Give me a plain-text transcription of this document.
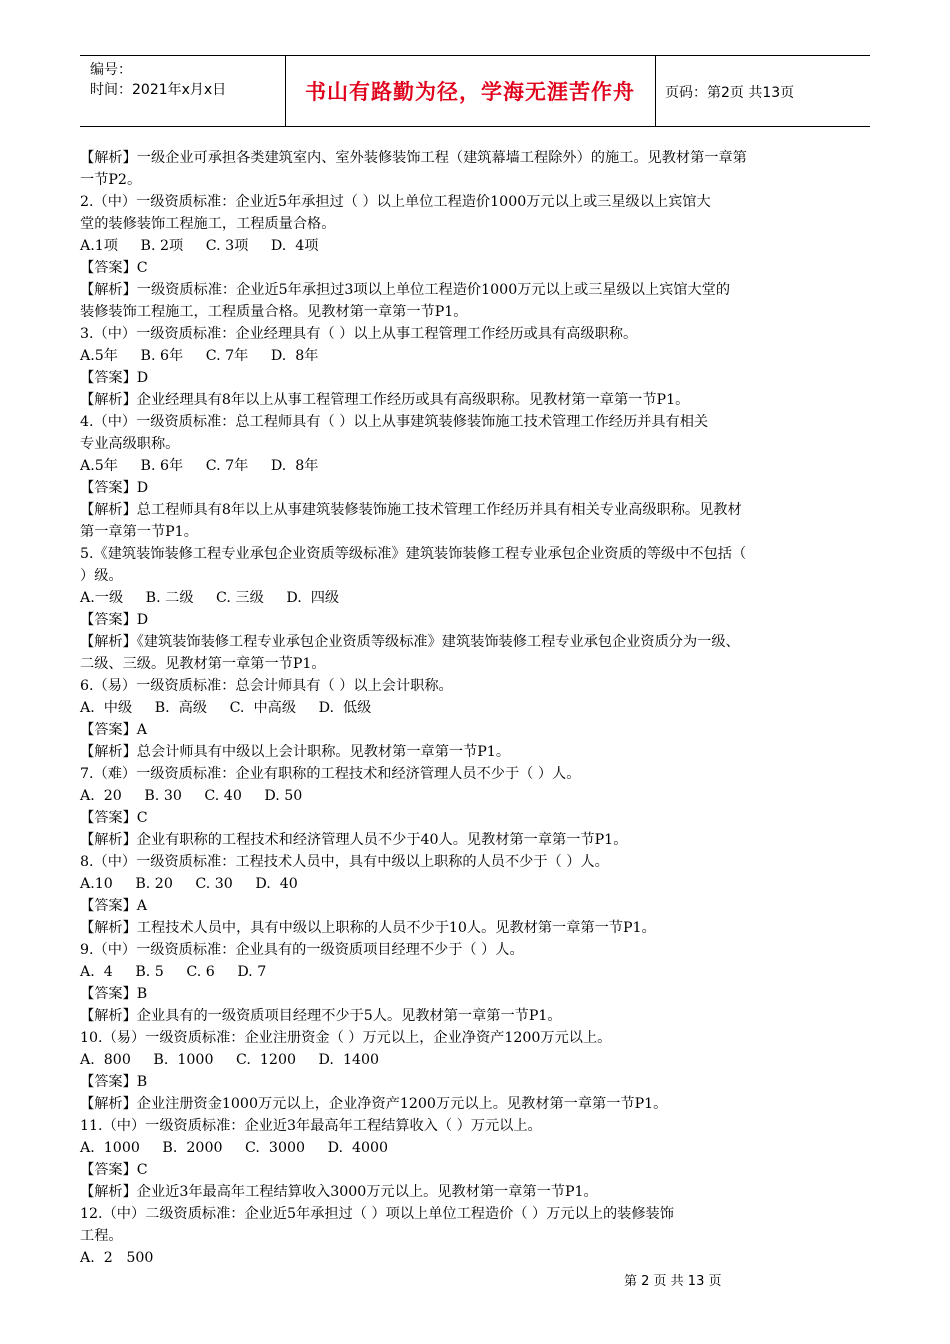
编号：
时间：2021年x月x日	书山有路勤为径，学海无涯苦作舟	页码：第2页 共13页
【解析】一级企业可承担各类建筑室内、室外装修装饰工程（建筑幕墙工程除外）的施工。见教材第一章第
一节P2。
2.（中）一级资质标准：企业近5年承担过（ ）以上单位工程造价1000万元以上或三星级以上宾馆大
堂的装修装饰工程施工，工程质量合格。
A.1项     B. 2项     C. 3项     D.  4项
【答案】C
【解析】一级资质标准：企业近5年承担过3项以上单位工程造价1000万元以上或三星级以上宾馆大堂的
装修装饰工程施工，工程质量合格。见教材第一章第一节P1。
3.（中）一级资质标准：企业经理具有（ ）以上从事工程管理工作经历或具有高级职称。
A.5年     B. 6年     C. 7年     D.  8年
【答案】D
【解析】企业经理具有8年以上从事工程管理工作经历或具有高级职称。见教材第一章第一节P1。
4.（中）一级资质标准：总工程师具有（ ）以上从事建筑装修装饰施工技术管理工作经历并具有相关
专业高级职称。
A.5年     B. 6年     C. 7年     D.  8年
【答案】D
【解析】总工程师具有8年以上从事建筑装修装饰施工技术管理工作经历并具有相关专业高级职称。见教材
第一章第一节P1。
5.《建筑装饰装修工程专业承包企业资质等级标准》建筑装饰装修工程专业承包企业资质的等级中不包括（
）级。
A.一级     B. 二级     C. 三级     D.  四级
【答案】D
【解析】《建筑装饰装修工程专业承包企业资质等级标准》建筑装饰装修工程专业承包企业资质分为一级、
二级、三级。见教材第一章第一节P1。
6.（易）一级资质标准：总会计师具有（ ）以上会计职称。
A.  中级     B.  高级     C.  中高级     D.  低级
【答案】A
【解析】总会计师具有中级以上会计职称。见教材第一章第一节P1。
7.（难）一级资质标准：企业有职称的工程技术和经济管理人员不少于（ ）人。
A.  20     B. 30     C. 40     D. 50
【答案】C
【解析】企业有职称的工程技术和经济管理人员不少于40人。见教材第一章第一节P1。
8.（中）一级资质标准：工程技术人员中，具有中级以上职称的人员不少于（ ）人。
A.10     B. 20     C. 30     D.  40
【答案】A
【解析】工程技术人员中，具有中级以上职称的人员不少于10人。见教材第一章第一节P1。
9.（中）一级资质标准：企业具有的一级资质项目经理不少于（ ）人。
A.  4     B. 5     C. 6     D. 7
【答案】B
【解析】企业具有的一级资质项目经理不少于5人。见教材第一章第一节P1。
10.（易）一级资质标准：企业注册资金（ ）万元以上，企业净资产1200万元以上。
A.  800     B.  1000     C.  1200     D.  1400
【答案】B
【解析】企业注册资金1000万元以上，企业净资产1200万元以上。见教材第一章第一节P1。
11.（中）一级资质标准：企业近3年最高年工程结算收入（ ）万元以上。
A.  1000     B.  2000     C.  3000     D.  4000
【答案】C
【解析】企业近3年最高年工程结算收入3000万元以上。见教材第一章第一节P1。
12.（中）二级资质标准：企业近5年承担过（ ）项以上单位工程造价（ ）万元以上的装修装饰
工程。
A.  2   500
第 2 页 共 13 页
